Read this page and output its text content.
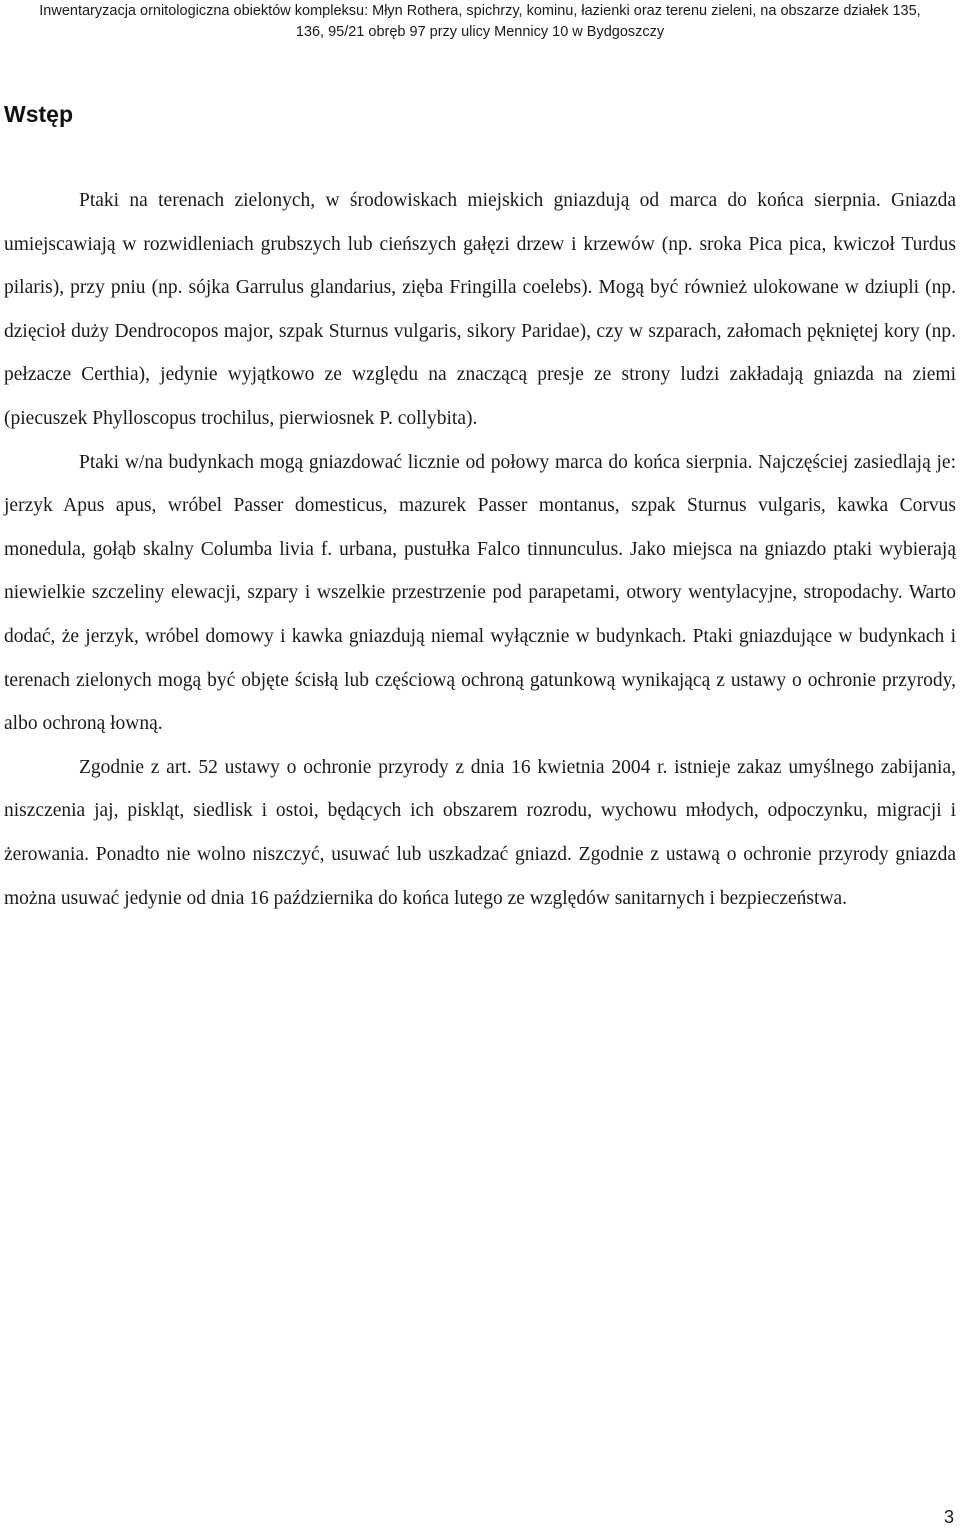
Inwentaryzacja ornitologiczna obiektów kompleksu: Młyn Rothera, spichrzy, kominu, łazienki oraz terenu zieleni, na obszarze działek 135,
136, 95/21 obręb 97 przy ulicy Mennicy 10 w Bydgoszczy
Wstęp

Ptaki na terenach zielonych, w środowiskach miejskich gniazdują od marca do końca sierpnia. Gniazda umiejscawiają w rozwidleniach grubszych lub cieńszych gałęzi drzew i krzewów (np. sroka Pica pica, kwiczoł Turdus pilaris), przy pniu (np. sójka Garrulus glandarius, zięba Fringilla coelebs). Mogą być również ulokowane w dziupli (np. dzięcioł duży Dendrocopos major, szpak Sturnus vulgaris, sikory Paridae), czy w szparach, załomach pękniętej kory (np. pełzacze Certhia), jedynie wyjątkowo ze względu na znaczącą presje ze strony ludzi zakładają gniazda na ziemi (piecuszek Phylloscopus trochilus, pierwiosnek P. collybita).

Ptaki w/na budynkach mogą gniazdować licznie od połowy marca do końca sierpnia. Najczęściej zasiedlają je: jerzyk Apus apus, wróbel Passer domesticus, mazurek Passer montanus, szpak Sturnus vulgaris, kawka Corvus monedula, gołąb skalny Columba livia f. urbana, pustułka Falco tinnunculus. Jako miejsca na gniazdo ptaki wybierają niewielkie szczeliny elewacji, szpary i wszelkie przestrzenie pod parapetami, otwory wentylacyjne, stropodachy. Warto dodać, że jerzyk, wróbel domowy i kawka gniazdują niemal wyłącznie w budynkach. Ptaki gniazdujące w budynkach i terenach zielonych mogą być objęte ścisłą lub częściową ochroną gatunkową wynikającą z ustawy o ochronie przyrody, albo ochroną łowną.

Zgodnie z art. 52 ustawy o ochronie przyrody z dnia 16 kwietnia 2004 r. istnieje zakaz umyślnego zabijania, niszczenia jaj, piskląt, siedlisk i ostoi, będących ich obszarem rozrodu, wychowu młodych, odpoczynku, migracji i żerowania. Ponadto nie wolno niszczyć, usuwać lub uszkadzać gniazd. Zgodnie z ustawą o ochronie przyrody gniazda można usuwać jedynie od dnia 16 października do końca lutego ze względów sanitarnych i bezpieczeństwa.

3
